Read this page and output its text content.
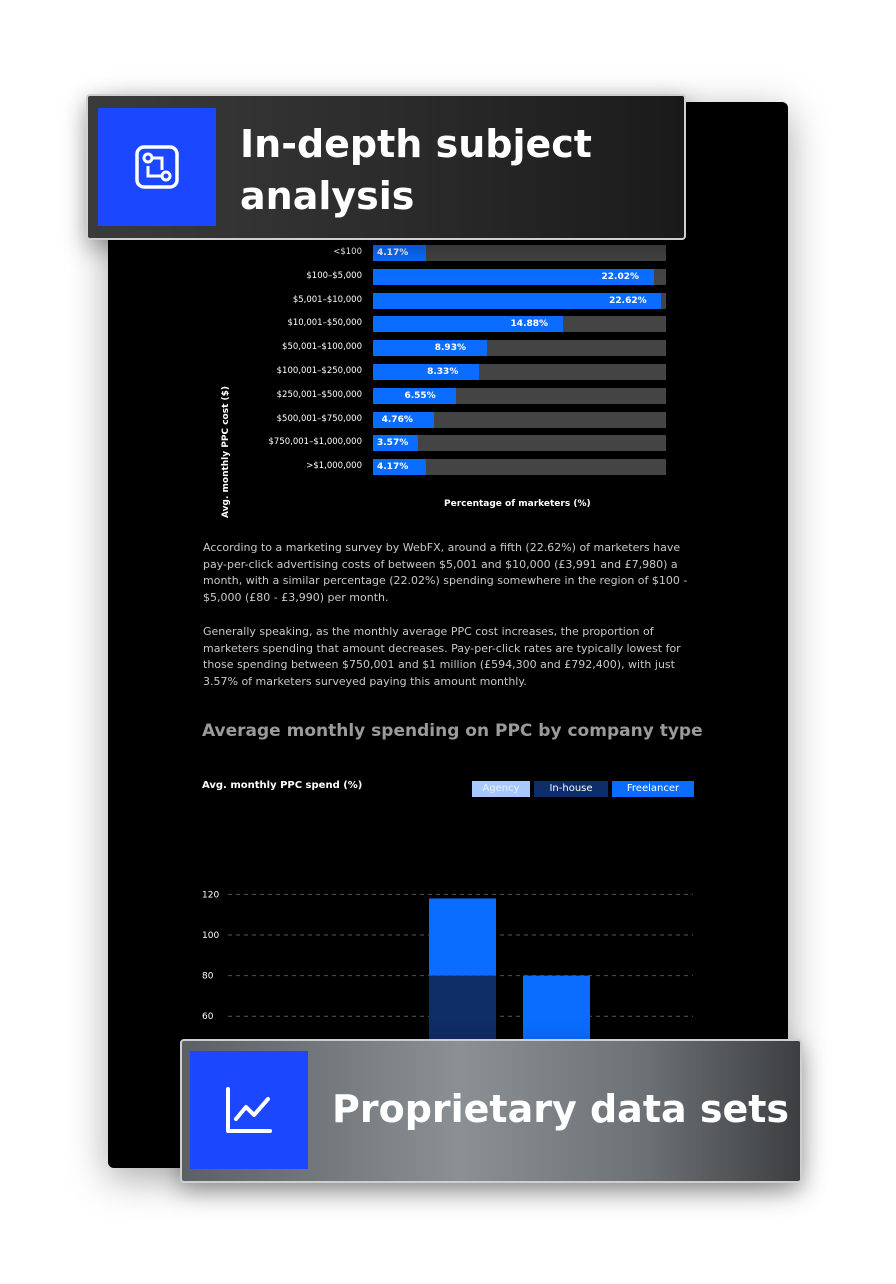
Avg. monthly PPC cost ($)
<$100 4.17%
$100–$5,000	22.02%
$5,001–$10,000	22.62%
$10,001–$50,000	14.88%
$50,001–$100,000	8.93%
$100,001–$250,000	8.33%
$250,001–$500,000	6.55%
$500,001–$750,000 4.76%
$750,001–$1,000,000 3.57%
>$1,000,000 4.17%
Percentage of marketers (%)
According to a marketing survey by WebFX, around a fifth (22.62%) of marketers have pay-per-click advertising costs of between $5,001 and $10,000 (£3,991 and £7,980) a month, with a similar percentage (22.02%) spending somewhere in the region of $100 - $5,000 (£80 - £3,990) per month.
Generally speaking, as the monthly average PPC cost increases, the proportion of marketers spending that amount decreases. Pay-per-click rates are typically lowest for those spending between $750,001 and $1 million (£594,300 and £792,400), with just 3.57% of marketers surveyed paying this amount monthly.
Average monthly spending on PPC by company type
Avg. monthly PPC spend (%)	Agency	In-house	Freelancer
60
80
100
120
In-depth subject
analysis
Proprietary data sets
